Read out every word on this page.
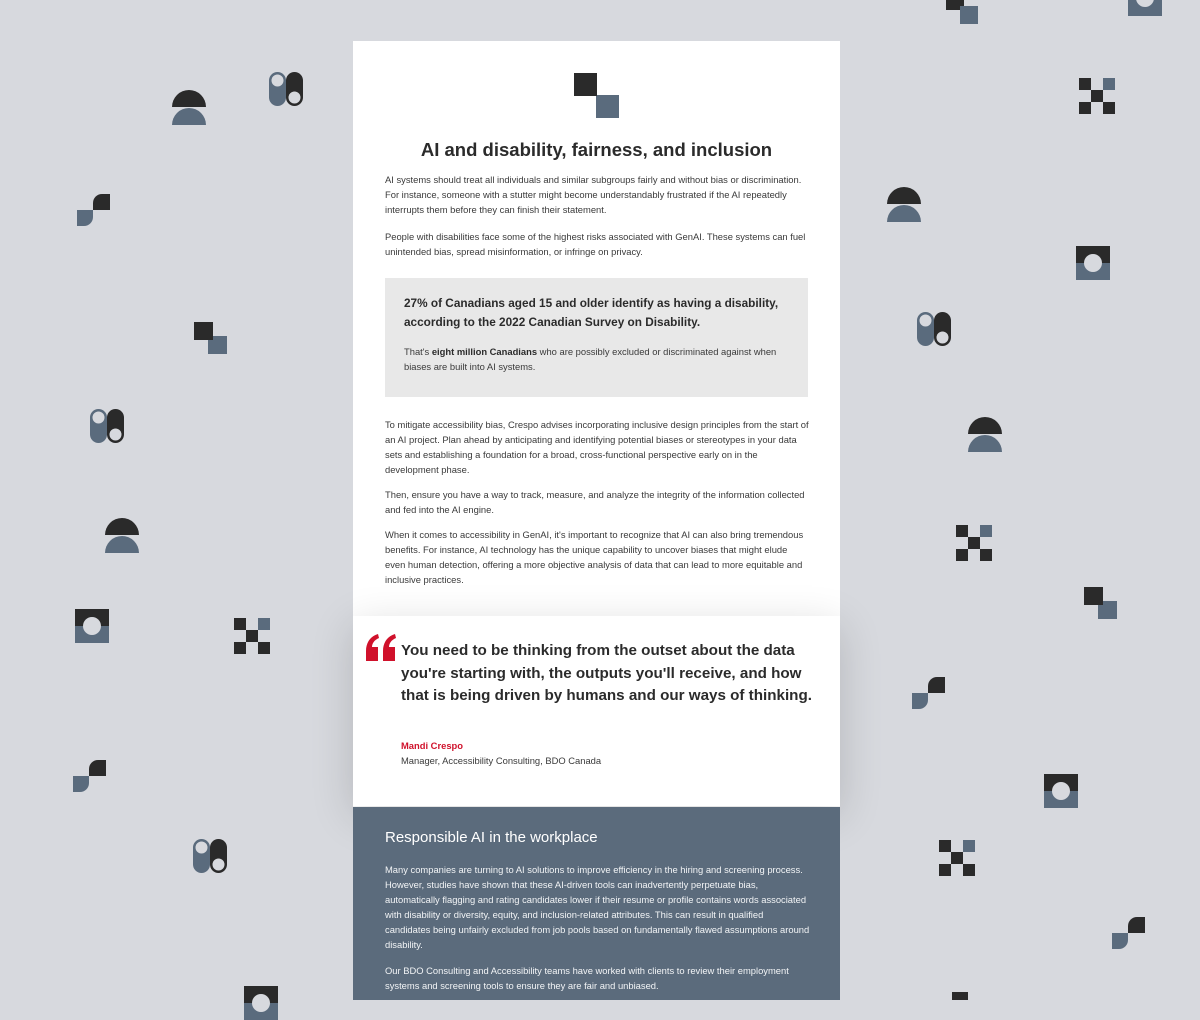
AI and disability, fairness, and inclusion

AI systems should treat all individuals and similar subgroups fairly and without bias or discrimination. For instance, someone with a stutter might become understandably frustrated if the AI repeatedly interrupts them before they can finish their statement.

People with disabilities face some of the highest risks associated with GenAI. These systems can fuel unintended bias, spread misinformation, or infringe on privacy.

27% of Canadians aged 15 and older identify as having a disability, according to the 2022 Canadian Survey on Disability.

That's eight million Canadians who are possibly excluded or discriminated against when biases are built into AI systems.

To mitigate accessibility bias, Crespo advises incorporating inclusive design principles from the start of an AI project. Plan ahead by anticipating and identifying potential biases or stereotypes in your data sets and establishing a foundation for a broad, cross-functional perspective early on in the development phase.

Then, ensure you have a way to track, measure, and analyze the integrity of the information collected and fed into the AI engine.

When it comes to accessibility in GenAI, it's important to recognize that AI can also bring tremendous benefits. For instance, AI technology has the unique capability to uncover biases that might elude even human detection, offering a more objective analysis of data that can lead to more equitable and inclusive practices.

You need to be thinking from the outset about the data you're starting with, the outputs you'll receive, and how that is being driven by humans and our ways of thinking.

Mandi Crespo

Manager, Accessibility Consulting, BDO Canada

Responsible AI in the workplace

Many companies are turning to AI solutions to improve efficiency in the hiring and screening process. However, studies have shown that these AI-driven tools can inadvertently perpetuate bias, automatically flagging and rating candidates lower if their resume or profile contains words associated with disability or diversity, equity, and inclusion-related attributes. This can result in qualified candidates being unfairly excluded from job pools based on fundamentally flawed assumptions around disability.

Our BDO Consulting and Accessibility teams have worked with clients to review their employment systems and screening tools to ensure they are fair and unbiased.
